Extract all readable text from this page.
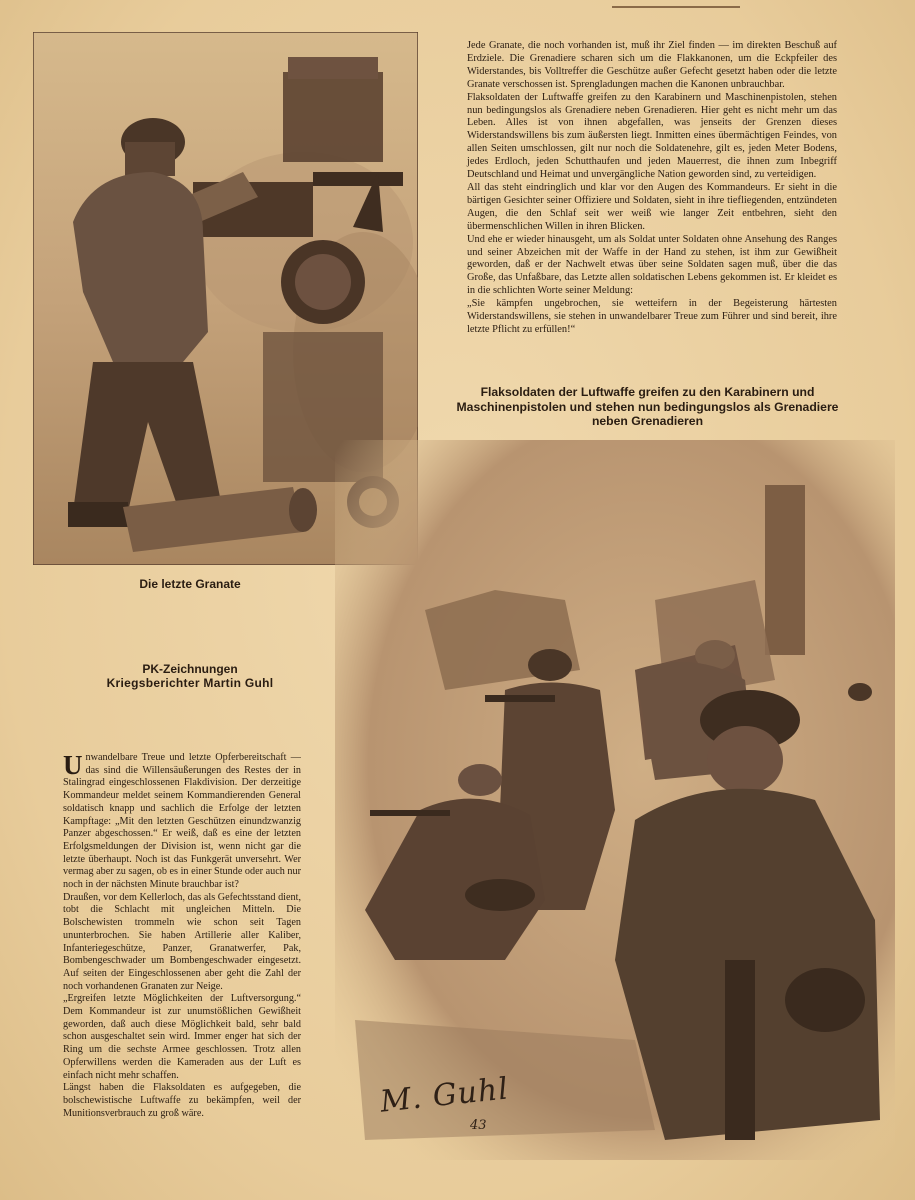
Die letzte Granate
PK-Zeichnungen
Kriegsberichter Martin Guhl

Jede Granate, die noch vorhanden ist, muß ihr Ziel finden — im direkten Beschuß auf Erdziele. Die Grenadiere scharen sich um die Flakkanonen, um die Eckpfeiler des Widerstandes, bis Volltreffer die Geschütze außer Gefecht gesetzt haben oder die letzte Granate verschossen ist. Sprengladungen machen die Kanonen unbrauchbar.

Flaksoldaten der Luftwaffe greifen zu den Karabinern und Maschinenpistolen, stehen nun bedingungslos als Grenadiere neben Grenadieren. Hier geht es nicht mehr um das Leben. Alles ist von ihnen abgefallen, was jenseits der Grenzen dieses Widerstandswillens bis zum äußersten liegt. Inmitten eines übermächtigen Feindes, von allen Seiten umschlossen, gilt nur noch die Soldatenehre, gilt es, jeden Meter Bodens, jedes Erdloch, jeden Schutthaufen und jeden Mauerrest, die ihnen zum Inbegriff Deutschland und Heimat und unvergängliche Nation geworden sind, zu verteidigen.

All das steht eindringlich und klar vor den Augen des Kommandeurs. Er sieht in die bärtigen Gesichter seiner Offiziere und Soldaten, sieht in ihre tiefliegenden, entzündeten Augen, die den Schlaf seit wer weiß wie langer Zeit entbehren, sieht den übermenschlichen Willen in ihren Blicken.

Und ehe er wieder hinausgeht, um als Soldat unter Soldaten ohne Ansehung des Ranges und seiner Abzeichen mit der Waffe in der Hand zu stehen, ist ihm zur Gewißheit geworden, daß er der Nachwelt etwas über seine Soldaten sagen muß, über die das Große, das Unfaßbare, das Letzte allen soldatischen Lebens gekommen ist. Er kleidet es in die schlichten Worte seiner Meldung:

„Sie kämpfen ungebrochen, sie wetteifern in der Begeisterung härtesten Widerstandswillens, sie stehen in unwandelbarer Treue zum Führer und sind bereit, ihre letzte Pflicht zu erfüllen!“

Flaksoldaten der Luftwaffe greifen zu den Karabinern und Maschinenpistolen und stehen nun bedingungslos als Grenadiere neben Grenadieren
M. Guhl
43

Unwandelbare Treue und letzte Opferbereitschaft — das sind die Willensäußerungen des Restes der in Stalingrad eingeschlossenen Flakdivision. Der derzeitige Kommandeur meldet seinem Kommandierenden General soldatisch knapp und sachlich die Erfolge der letzten Kampftage: „Mit den letzten Geschützen einundzwanzig Panzer abgeschossen.“ Er weiß, daß es eine der letzten Erfolgsmeldungen der Division ist, wenn nicht gar die letzte überhaupt. Noch ist das Funkgerät unversehrt. Wer vermag aber zu sagen, ob es in einer Stunde oder auch nur noch in der nächsten Minute brauchbar ist?

Draußen, vor dem Kellerloch, das als Gefechtsstand dient, tobt die Schlacht mit ungleichen Mitteln. Die Bolschewisten trommeln wie schon seit Tagen ununterbrochen. Sie haben Artillerie aller Kaliber, Infanteriegeschütze, Panzer, Granatwerfer, Pak, Bombengeschwader um Bombengeschwader eingesetzt. Auf seiten der Eingeschlossenen aber geht die Zahl der noch vorhandenen Granaten zur Neige.

„Ergreifen letzte Möglichkeiten der Luftversorgung.“ Dem Kommandeur ist zur unumstößlichen Gewißheit geworden, daß auch diese Möglichkeit bald, sehr bald schon ausgeschaltet sein wird. Immer enger hat sich der Ring um die sechste Armee geschlossen. Trotz allen Opferwillens werden die Kameraden aus der Luft es einfach nicht mehr schaffen.

Längst haben die Flaksoldaten es aufgegeben, die bolschewistische Luftwaffe zu bekämpfen, weil der Munitionsverbrauch zu groß wäre.
